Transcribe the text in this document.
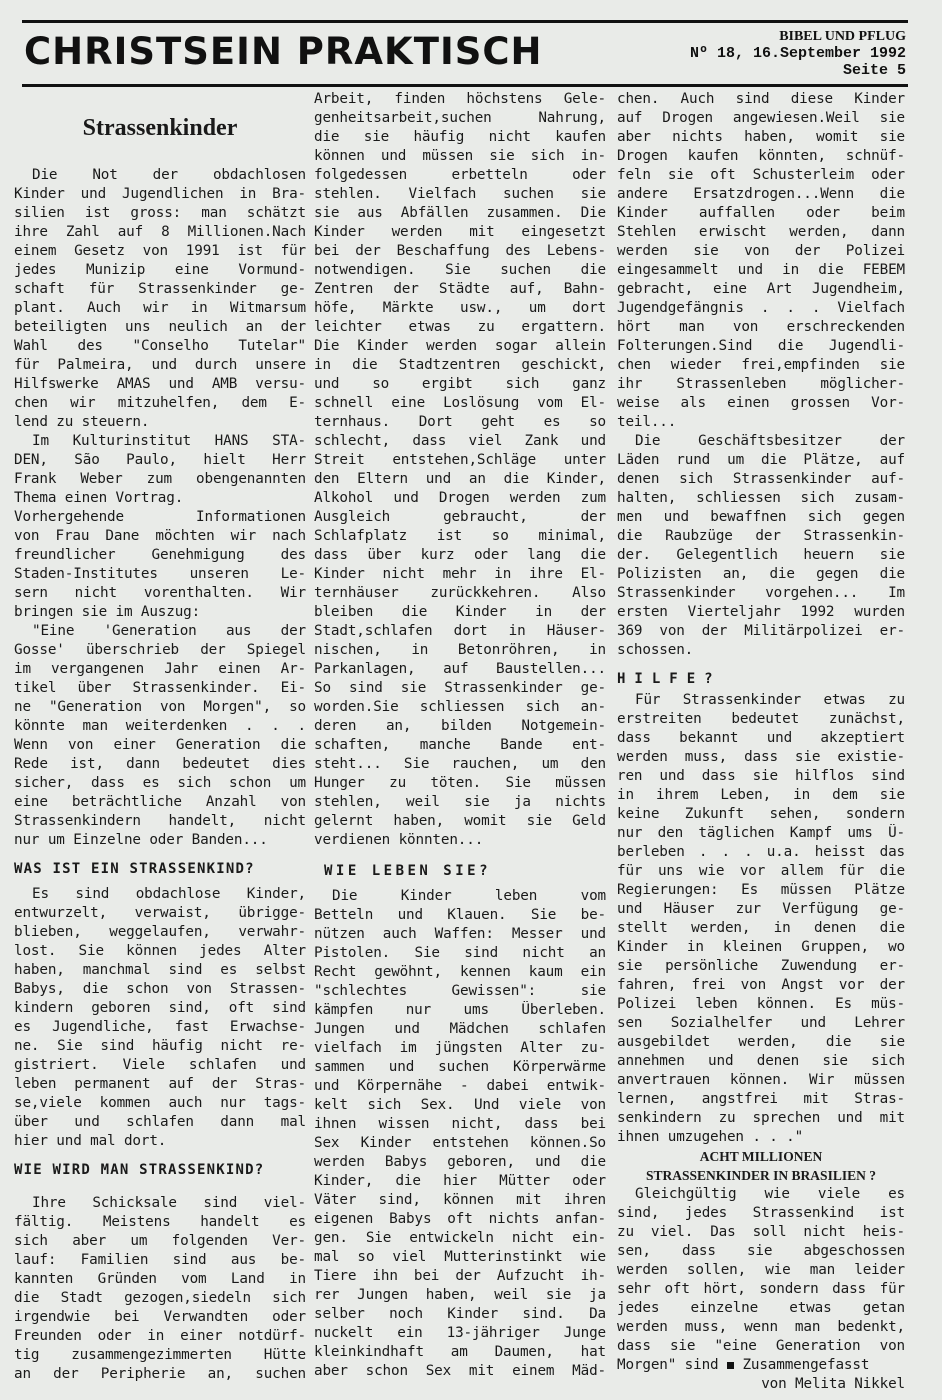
CHRISTSEIN PRAKTISCH	BIBEL UND PFLUG
Nº 18, 16.September 1992
Seite 5
Strassenkinder
Die Not der obdachlosen
Kinder und Jugendlichen in Bra-
silien ist gross: man schätzt
ihre Zahl auf 8 Millionen.Nach
einem Gesetz von 1991 ist für
jedes Munizip eine Vormund-
schaft für Strassenkinder ge-
plant. Auch wir in Witmarsum
beteiligten uns neulich an der
Wahl des "Conselho Tutelar"
für Palmeira, und durch unsere
Hilfswerke AMAS und AMB versu-
chen wir mitzuhelfen, dem E-
lend zu steuern.
Im Kulturinstitut HANS STA-
DEN, São Paulo, hielt Herr
Frank Weber zum obengenannten
Thema einen Vortrag.
Vorhergehende Informationen
von Frau Dane möchten wir nach
freundlicher Genehmigung des
Staden-Institutes unseren Le-
sern nicht vorenthalten. Wir
bringen sie im Auszug:
"Eine 'Generation aus der
Gosse' überschrieb der Spiegel
im vergangenen Jahr einen Ar-
tikel über Strassenkinder. Ei-
ne "Generation von Morgen", so
könnte man weiterdenken . . .
Wenn von einer Generation die
Rede ist, dann bedeutet dies
sicher, dass es sich schon um
eine beträchtliche Anzahl von
Strassenkindern handelt, nicht
nur um Einzelne oder Banden...
WAS IST EIN STRASSENKIND?
Es sind obdachlose Kinder,
entwurzelt, verwaist, übrigge-
blieben, weggelaufen, verwahr-
lost. Sie können jedes Alter
haben, manchmal sind es selbst
Babys, die schon von Strassen-
kindern geboren sind, oft sind
es Jugendliche, fast Erwachse-
ne. Sie sind häufig nicht re-
gistriert. Viele schlafen und
leben permanent auf der Stras-
se,viele kommen auch nur tags-
über und schlafen dann mal
hier und mal dort.
WIE WIRD MAN STRASSENKIND?
Ihre Schicksale sind viel-
fältig. Meistens handelt es
sich aber um folgenden Ver-
lauf: Familien sind aus be-
kannten Gründen vom Land in
die Stadt gezogen,siedeln sich
irgendwie bei Verwandten oder
Freunden oder in einer notdürf-
tig zusammengezimmerten Hütte
an der Peripherie an, suchen
Arbeit, finden höchstens Gele-
genheitsarbeit,suchen Nahrung,
die sie häufig nicht kaufen
können und müssen sie sich in-
folgedessen erbetteln oder
stehlen. Vielfach suchen sie
sie aus Abfällen zusammen. Die
Kinder werden mit eingesetzt
bei der Beschaffung des Lebens-
notwendigen. Sie suchen die
Zentren der Städte auf, Bahn-
höfe, Märkte usw., um dort
leichter etwas zu ergattern.
Die Kinder werden sogar allein
in die Stadtzentren geschickt,
und so ergibt sich ganz
schnell eine Loslösung vom El-
ternhaus. Dort geht es so
schlecht, dass viel Zank und
Streit entstehen,Schläge unter
den Eltern und an die Kinder,
Alkohol und Drogen werden zum
Ausgleich gebraucht, der
Schlafplatz ist so minimal,
dass über kurz oder lang die
Kinder nicht mehr in ihre El-
ternhäuser zurückkehren. Also
bleiben die Kinder in der
Stadt,schlafen dort in Häuser-
nischen, in Betonröhren, in
Parkanlagen, auf Baustellen...
So sind sie Strassenkinder ge-
worden.Sie schliessen sich an-
deren an, bilden Notgemein-
schaften, manche Bande ent-
steht... Sie rauchen, um den
Hunger zu töten. Sie müssen
stehlen, weil sie ja nichts
gelernt haben, womit sie Geld
verdienen könnten...
WIE LEBEN SIE?
Die Kinder leben vom
Betteln und Klauen. Sie be-
nützen auch Waffen: Messer und
Pistolen. Sie sind nicht an
Recht gewöhnt, kennen kaum ein
"schlechtes Gewissen": sie
kämpfen nur ums Überleben.
Jungen und Mädchen schlafen
vielfach im jüngsten Alter zu-
sammen und suchen Körperwärme
und Körpernähe - dabei entwik-
kelt sich Sex. Und viele von
ihnen wissen nicht, dass bei
Sex Kinder entstehen können.So
werden Babys geboren, und die
Kinder, die hier Mütter oder
Väter sind, können mit ihren
eigenen Babys oft nichts anfan-
gen. Sie entwickeln nicht ein-
mal so viel Mutterinstinkt wie
Tiere ihn bei der Aufzucht ih-
rer Jungen haben, weil sie ja
selber noch Kinder sind. Da
nuckelt ein 13-jähriger Junge
kleinkindhaft am Daumen, hat
aber schon Sex mit einem Mäd-
chen. Auch sind diese Kinder
auf Drogen angewiesen.Weil sie
aber nichts haben, womit sie
Drogen kaufen könnten, schnüf-
feln sie oft Schusterleim oder
andere Ersatzdrogen...Wenn die
Kinder auffallen oder beim
Stehlen erwischt werden, dann
werden sie von der Polizei
eingesammelt und in die FEBEM
gebracht, eine Art Jugendheim,
Jugendgefängnis . . . Vielfach
hört man von erschreckenden
Folterungen.Sind die Jugendli-
chen wieder frei,empfinden sie
ihr Strassenleben möglicher-
weise als einen grossen Vor-
teil...
Die Geschäftsbesitzer der
Läden rund um die Plätze, auf
denen sich Strassenkinder auf-
halten, schliessen sich zusam-
men und bewaffnen sich gegen
die Raubzüge der Strassenkin-
der. Gelegentlich heuern sie
Polizisten an, die gegen die
Strassenkinder vorgehen... Im
ersten Vierteljahr 1992 wurden
369 von der Militärpolizei er-
schossen.
HILFE?
Für Strassenkinder etwas zu
erstreiten bedeutet zunächst,
dass bekannt und akzeptiert
werden muss, dass sie existie-
ren und dass sie hilflos sind
in ihrem Leben, in dem sie
keine Zukunft sehen, sondern
nur den täglichen Kampf ums Ü-
berleben . . . u.a. heisst das
für uns wie vor allem für die
Regierungen: Es müssen Plätze
und Häuser zur Verfügung ge-
stellt werden, in denen die
Kinder in kleinen Gruppen, wo
sie persönliche Zuwendung er-
fahren, frei von Angst vor der
Polizei leben können. Es müs-
sen Sozialhelfer und Lehrer
ausgebildet werden, die sie
annehmen und denen sie sich
anvertrauen können. Wir müssen
lernen, angstfrei mit Stras-
senkindern zu sprechen und mit
ihnen umzugehen . . ."
ACHT MILLIONEN
STRASSENKINDER IN BRASILIEN ?
Gleichgültig wie viele es
sind, jedes Strassenkind ist
zu viel. Das soll nicht heis-
sen, dass sie abgeschossen
werden sollen, wie man leider
sehr oft hört, sondern dass für
jedes einzelne etwas getan
werden muss, wenn man bedenkt,
dass sie "eine Generation von
Morgen" sind Zusammengefasst
von Melita Nikkel
